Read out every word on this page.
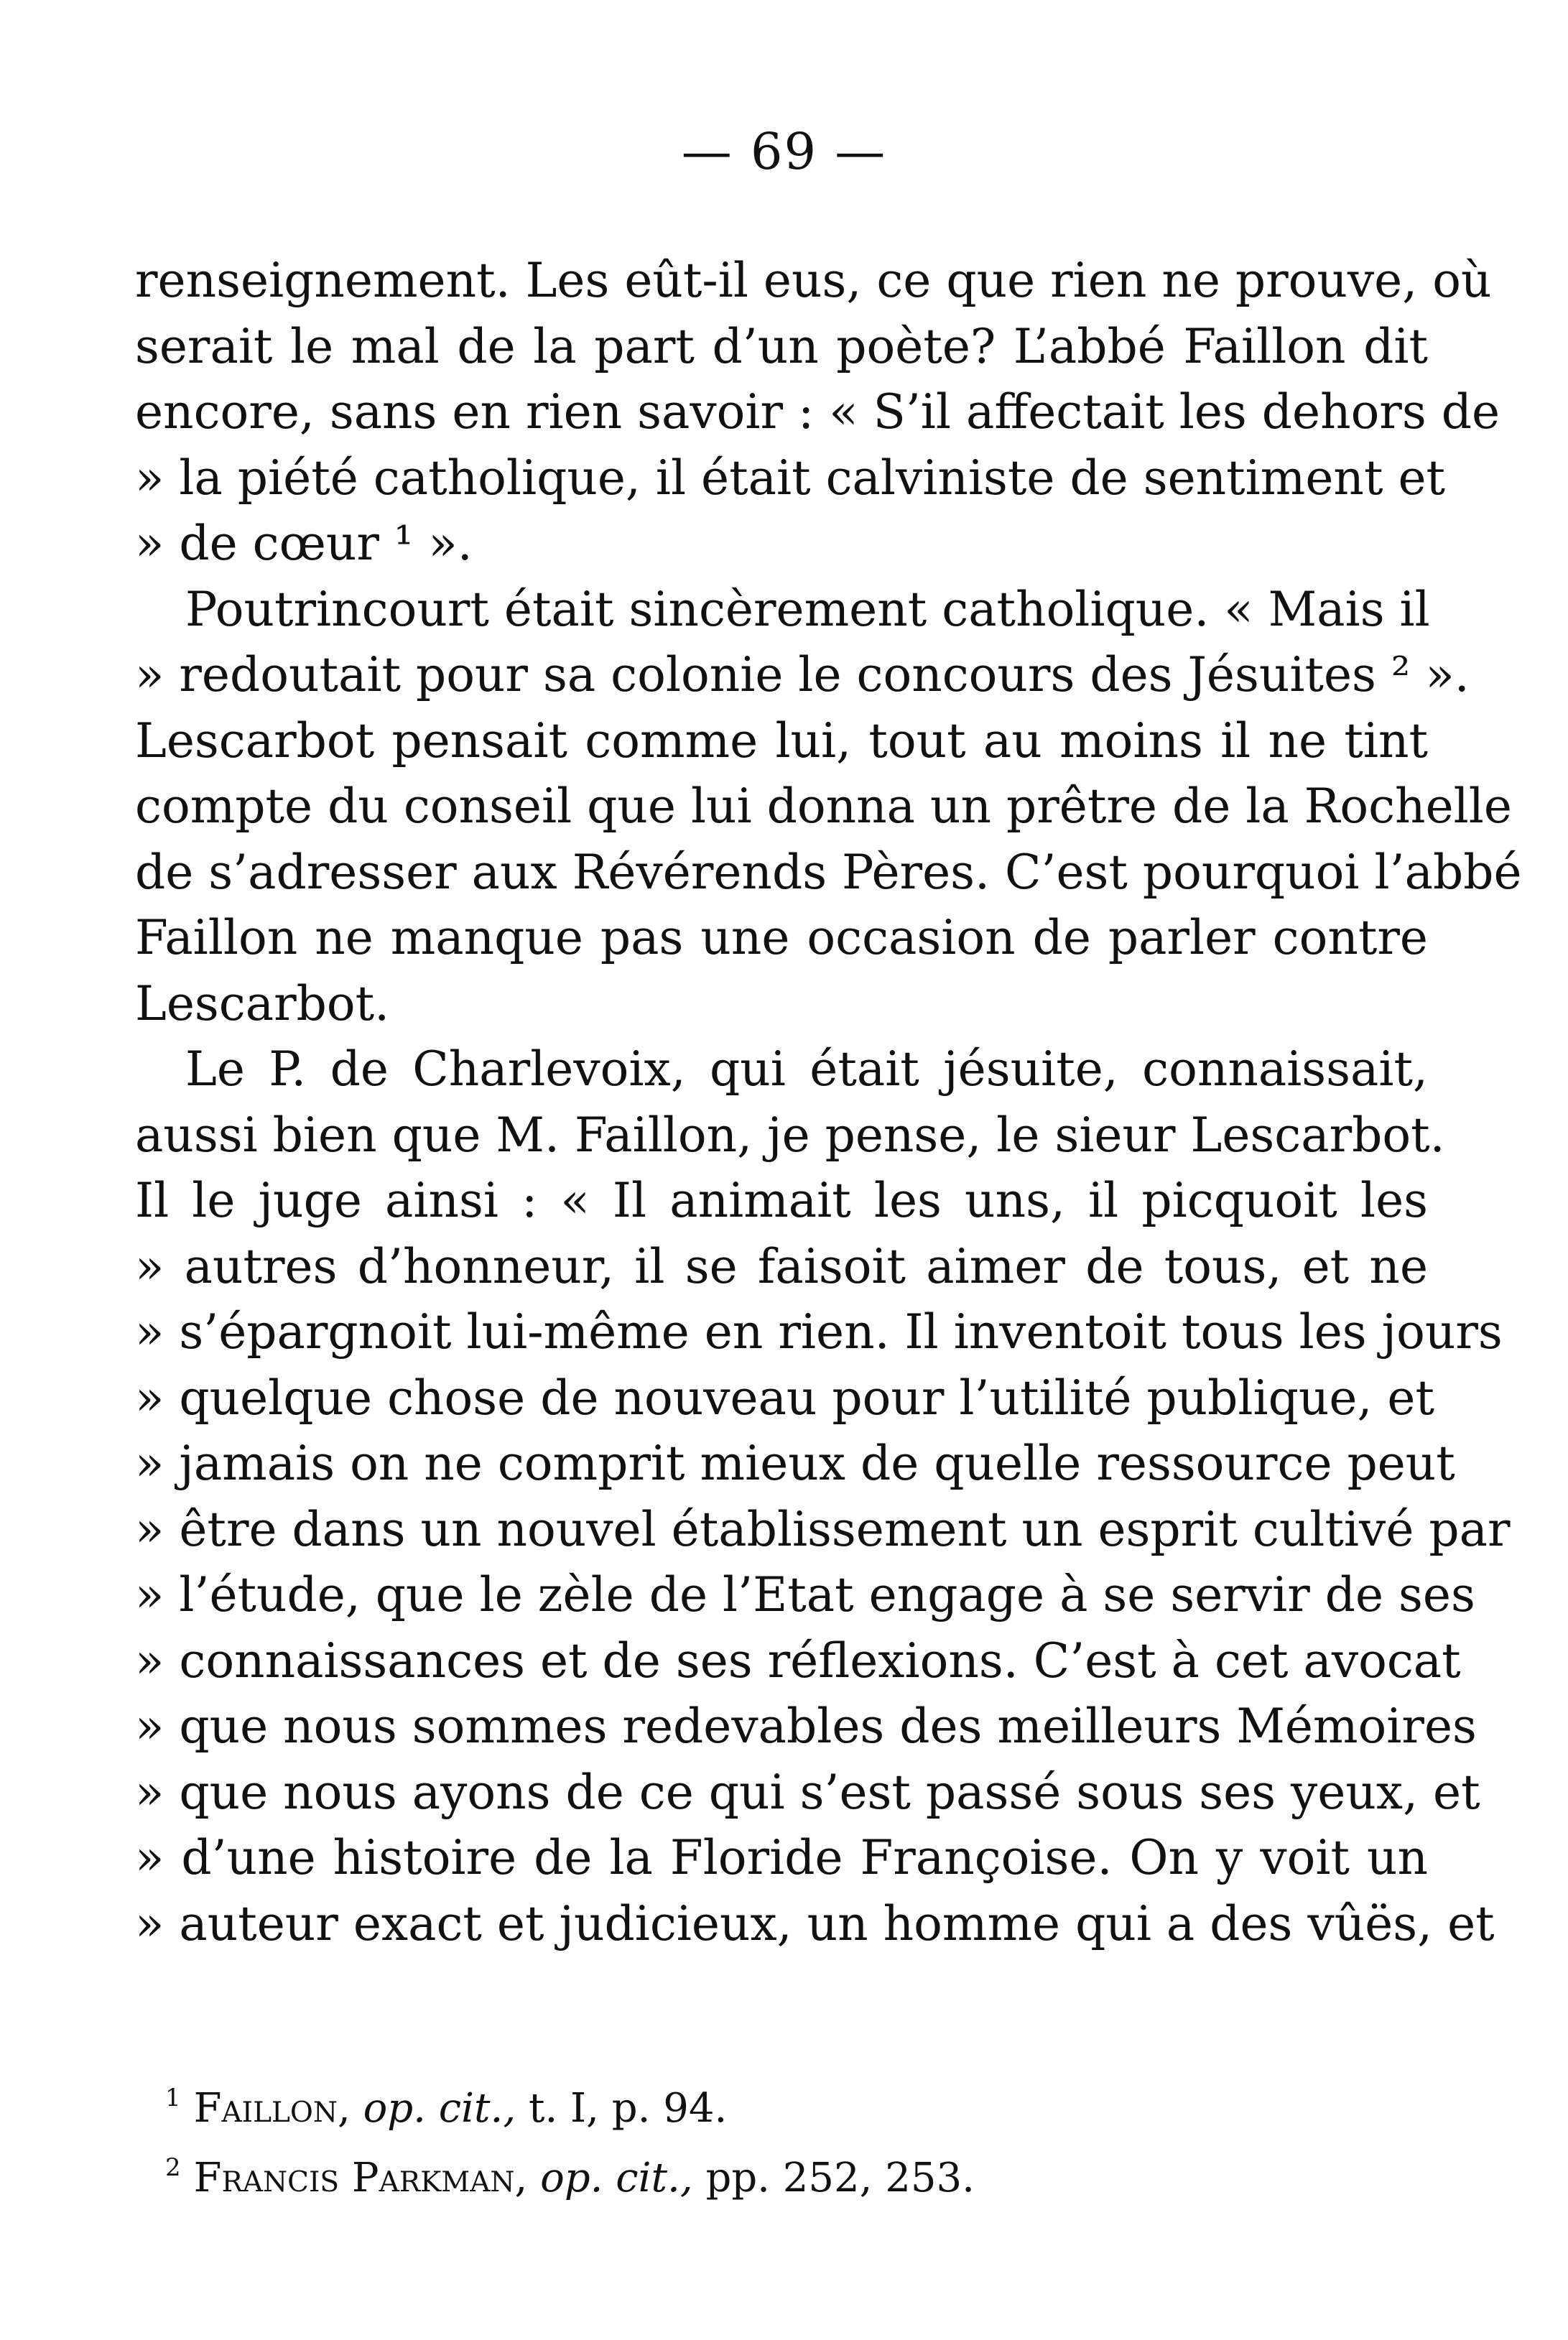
— 69 —
renseignement. Les eût-il eus, ce que rien ne prouve, où
serait le mal de la part d’un poète? L’abbé Faillon dit
encore, sans en rien savoir : « S’il affectait les dehors de
» la piété catholique, il était calviniste de sentiment et
» de cœur ¹ ».
Poutrincourt était sincèrement catholique. « Mais il
» redoutait pour sa colonie le concours des Jésuites ² ».
Lescarbot pensait comme lui, tout au moins il ne tint
compte du conseil que lui donna un prêtre de la Rochelle
de s’adresser aux Révérends Pères. C’est pourquoi l’abbé
Faillon ne manque pas une occasion de parler contre
Lescarbot.
Le P. de Charlevoix, qui était jésuite, connaissait,
aussi bien que M. Faillon, je pense, le sieur Lescarbot.
Il le juge ainsi : « Il animait les uns, il picquoit les
» autres d’honneur, il se faisoit aimer de tous, et ne
» s’épargnoit lui-même en rien. Il inventoit tous les jours
» quelque chose de nouveau pour l’utilité publique, et
» jamais on ne comprit mieux de quelle ressource peut
» être dans un nouvel établissement un esprit cultivé par
» l’étude, que le zèle de l’Etat engage à se servir de ses
» connaissances et de ses réflexions. C’est à cet avocat
» que nous sommes redevables des meilleurs Mémoires
» que nous ayons de ce qui s’est passé sous ses yeux, et
» d’une histoire de la Floride Françoise. On y voit un
» auteur exact et judicieux, un homme qui a des vûës, et
$^1$ Faillon, op. cit., t. I, p. 94.
$^2$ Francis Parkman, op. cit., pp. 252, 253.
